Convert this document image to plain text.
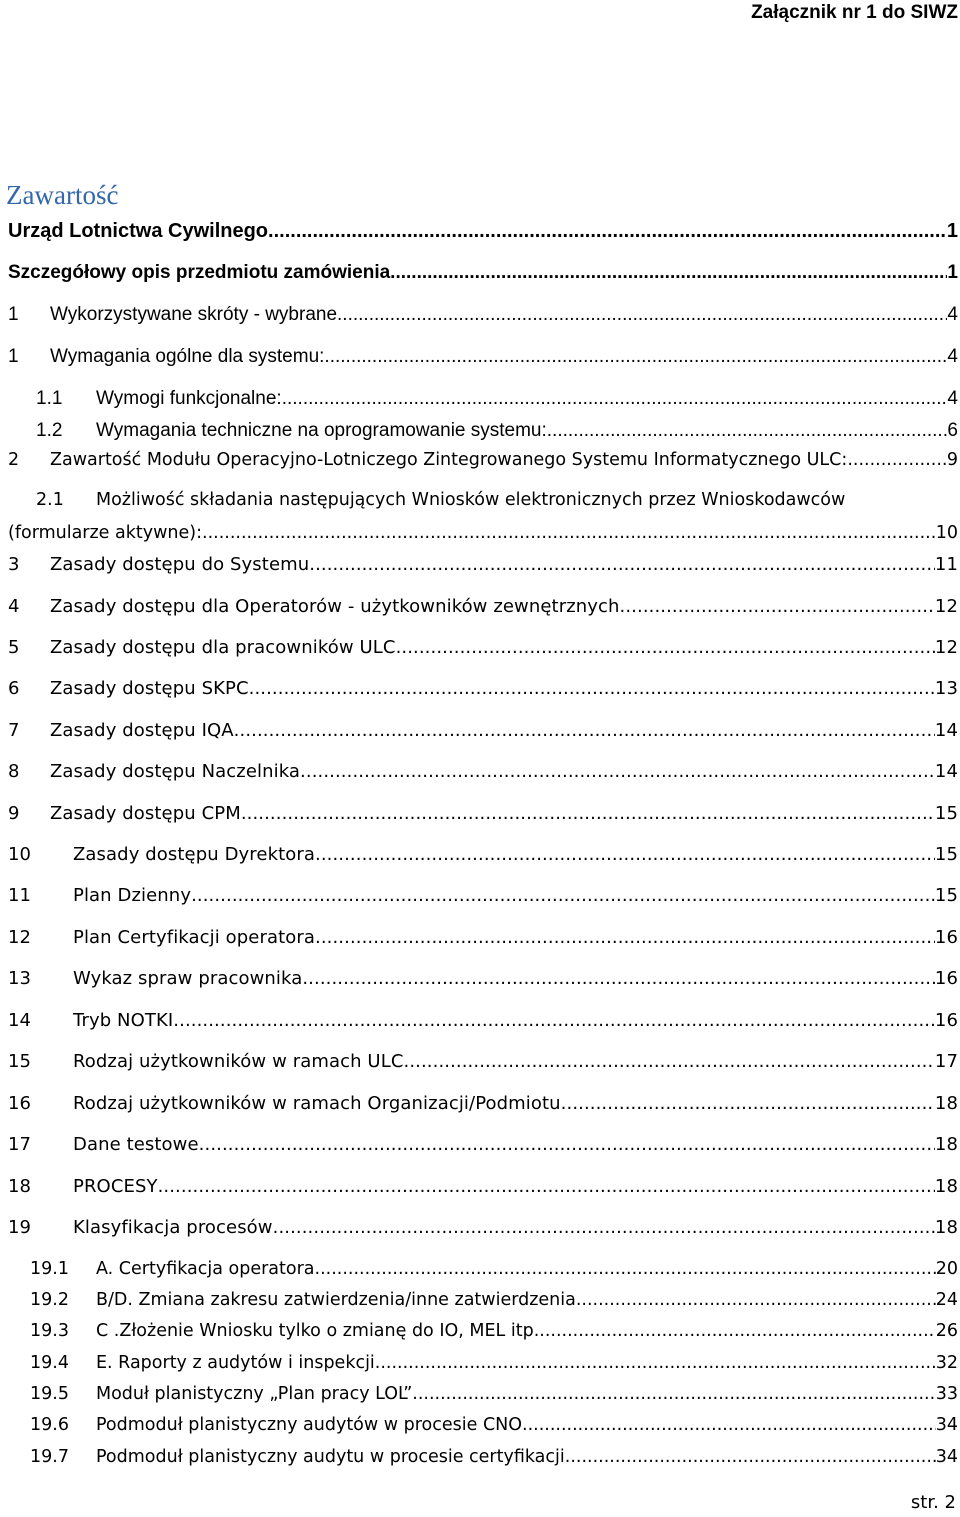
Załącznik nr 1 do SIWZ
Zawartość
Urząd Lotnictwa Cywilnego .....	1
Szczegółowy opis przedmiotu zamówienia .....	1
1	Wykorzystywane skróty - wybrane .....	4
1	Wymagania ogólne dla systemu: .....	4
1.1	Wymogi funkcjonalne: .....	4
1.2	Wymagania techniczne na oprogramowanie systemu: .....	6
2	Zawartość Modułu Operacyjno-Lotniczego Zintegrowanego Systemu Informatycznego ULC: .....	9
2.1	Możliwość składania następujących Wniosków elektronicznych przez Wnioskodawców
(formularze aktywne): .....	10
3	Zasady dostępu do Systemu .....	11
4	Zasady dostępu dla Operatorów - użytkowników zewnętrznych .....	12
5	Zasady dostępu dla pracowników ULC .....	12
6	Zasady dostępu SKPC .....	13
7	Zasady dostępu IQA .....	14
8	Zasady dostępu Naczelnika .....	14
9	Zasady dostępu CPM .....	15
10	Zasady dostępu Dyrektora .....	15
11	Plan Dzienny .....	15
12	Plan Certyfikacji operatora .....	16
13	Wykaz spraw pracownika .....	16
14	Tryb NOTKI .....	16
15	Rodzaj użytkowników w ramach ULC .....	17
16	Rodzaj użytkowników w ramach Organizacji/Podmiotu .....	18
17	Dane testowe .....	18
18	PROCESY .....	18
19	Klasyfikacja procesów .....	18
19.1	A. Certyfikacja operatora .....	20
19.2	B/D. Zmiana zakresu zatwierdzenia/inne zatwierdzenia .....	24
19.3	C .Złożenie Wniosku tylko o zmianę do IO, MEL itp. .....	26
19.4	E. Raporty z audytów i inspekcji .....	32
19.5	Moduł planistyczny „Plan pracy LOL” .....	33
19.6	Podmoduł planistyczny audytów w procesie CNO .....	34
19.7	Podmoduł planistyczny audytu w procesie certyfikacji .....	34
str. 2
